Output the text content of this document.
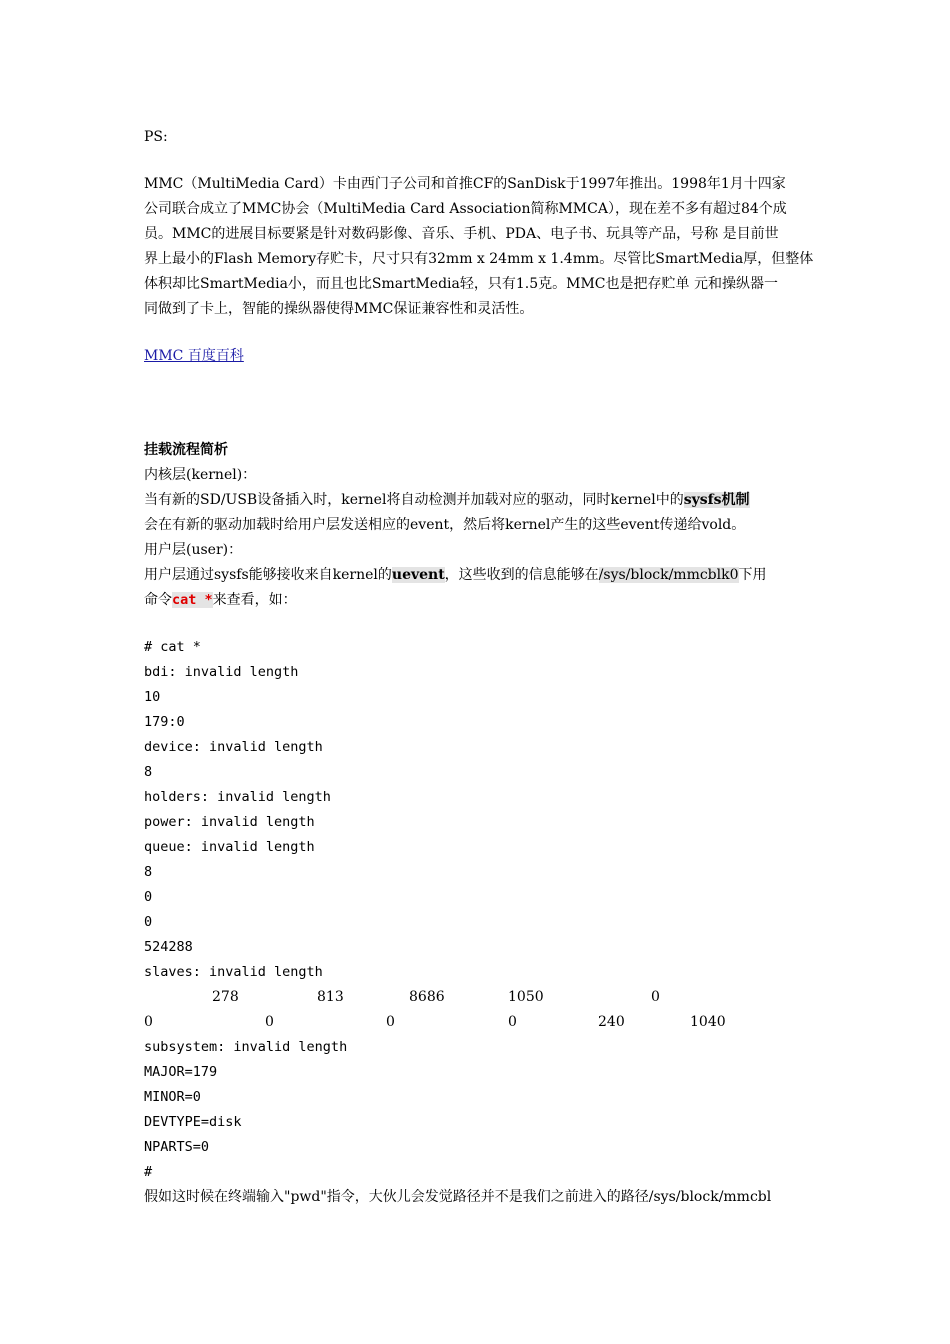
PS:
MMC（MultiMedia Card）卡由西门子公司和首推CF的SanDisk于1997年推出。1998年1月十四家
公司联合成立了MMC协会（MultiMedia Card Association简称MMCA），现在差不多有超过84个成
员。MMC的进展目标要紧是针对数码影像、音乐、手机、PDA、电子书、玩具等产品，号称 是目前世
界上最小的Flash Memory存贮卡，尺寸只有32mm x 24mm x 1.4mm。尽管比SmartMedia厚，但整体
体积却比SmartMedia小，而且也比SmartMedia轻，只有1.5克。MMC也是把存贮单 元和操纵器一
同做到了卡上，智能的操纵器使得MMC保证兼容性和灵活性。
MMC 百度百科
挂载流程简析
内核层(kernel)：
当有新的SD/USB设备插入时，kernel将自动检测并加载对应的驱动，同时kernel中的sysfs机制
会在有新的驱动加载时给用户层发送相应的event，然后将kernel产生的这些event传递给vold。
用户层(user)：
用户层通过sysfs能够接收来自kernel的uevent，这些收到的信息能够在/sys/block/mmcblk0下用
命令cat *来查看，如：
# cat *
bdi: invalid length
10
179:0
device: invalid length
8
holders: invalid length
power: invalid length
queue: invalid length
8
0
0
524288
slaves: invalid length
278	813	8686	1050	0
0	0	0	0	240	1040
subsystem: invalid length
MAJOR=179
MINOR=0
DEVTYPE=disk
NPARTS=0
#
假如这时候在终端输入"pwd"指令，大伙儿会发觉路径并不是我们之前进入的路径/sys/block/mmcbl
